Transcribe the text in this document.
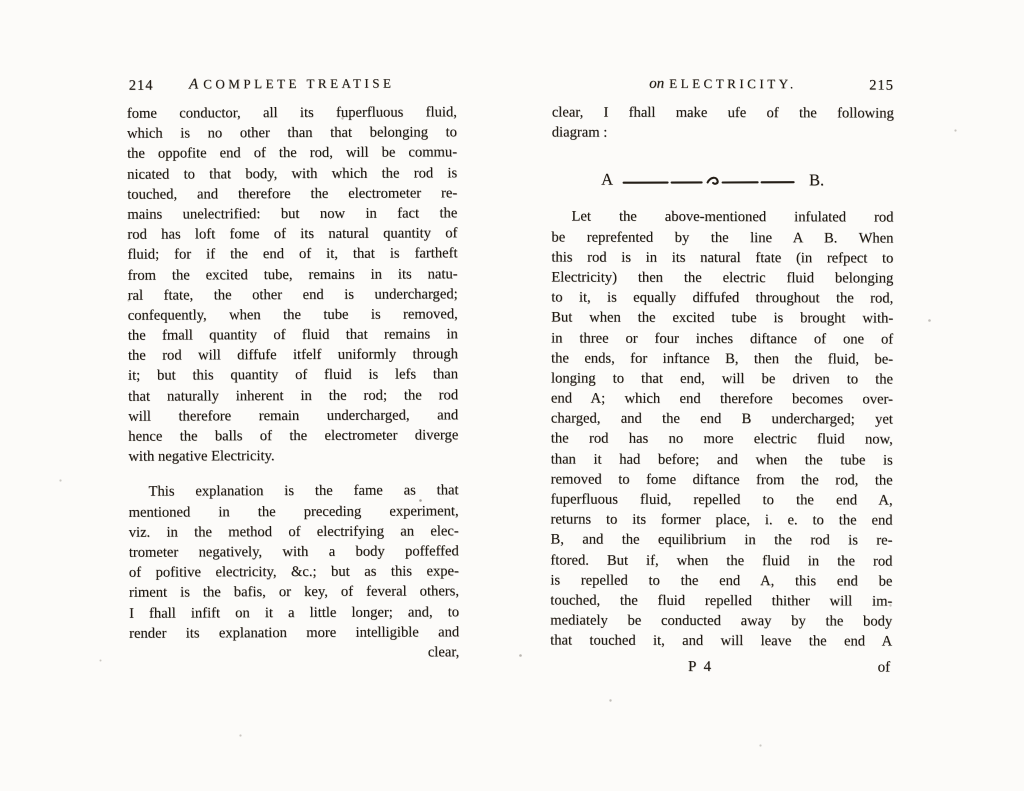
214	A COMPLETE TREATISE
fome conductor, all its fuperfluous fluid,
which is no other than that belonging to
the oppofite end of the rod, will be commu-
nicated to that body, with which the rod is
touched, and therefore the electrometer re-
mains unelectrified: but now in fact the
rod has loft fome of its natural quantity of
fluid; for if the end of it, that is fartheft
from the excited tube, remains in its natu-
ral ftate, the other end is undercharged;
confequently, when the tube is removed,
the fmall quantity of fluid that remains in
the rod will diffufe itfelf uniformly through
it; but this quantity of fluid is lefs than
that naturally inherent in the rod; the rod
will therefore remain undercharged, and
hence the balls of the electrometer diverge
with negative Electricity.
This explanation is the fame as that
mentioned in the preceding experiment,
viz. in the method of electrifying an elec-
trometer negatively, with a body poffeffed
of pofitive electricity, &c.; but as this expe-
riment is the bafis, or key, of feveral others,
I fhall infift on it a little longer; and, to
render its explanation more intelligible and
clear,
on ELECTRICITY.	215
clear, I fhall make ufe of the following
diagram :
A	B.
Let the above-mentioned infulated rod
be reprefented by the line A B. When
this rod is in its natural ftate (in refpect to
Electricity) then the electric fluid belonging
to it, is equally diffufed throughout the rod,
But when the excited tube is brought with-
in three or four inches diftance of one of
the ends, for inftance B, then the fluid, be-
longing to that end, will be driven to the
end A; which end therefore becomes over-
charged, and the end B undercharged; yet
the rod has no more electric fluid now,
than it had before; and when the tube is
removed to fome diftance from the rod, the
fuperfluous fluid, repelled to the end A,
returns to its former place, i. e. to the end
B, and the equilibrium in the rod is re-
ftored. But if, when the fluid in the rod
is repelled to the end A, this end be
touched, the fluid repelled thither will im-
mediately be conducted away by the body
that touched it, and will leave the end A
P 4	of
